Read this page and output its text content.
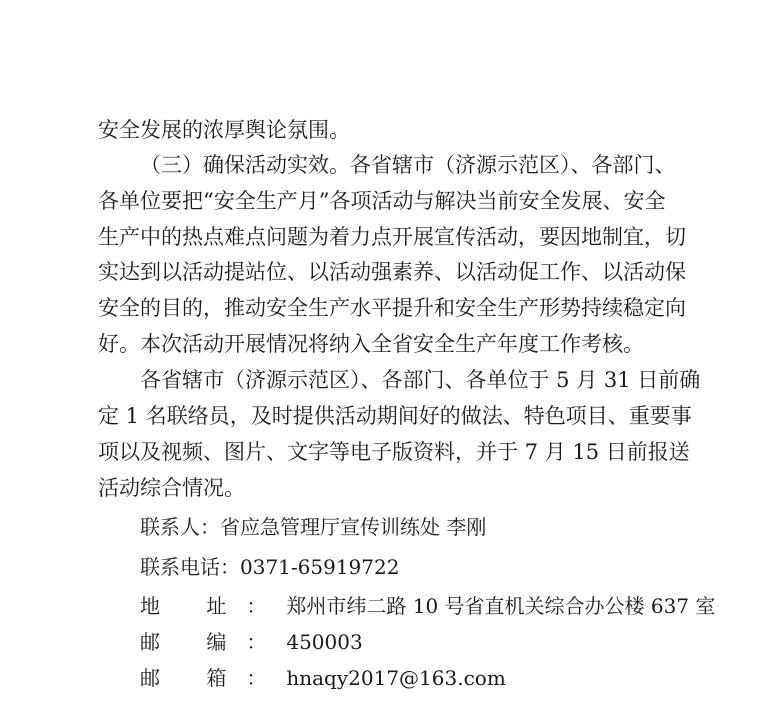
安全发展的浓厚舆论氛围。
（三）确保活动实效。各省辖市（济源示范区）、各部门、
各单位要把“安全生产月”各项活动与解决当前安全发展、安全
生产中的热点难点问题为着力点开展宣传活动，要因地制宜，切
实达到以活动提站位、以活动强素养、以活动促工作、以活动保
安全的目的，推动安全生产水平提升和安全生产形势持续稳定向
好。本次活动开展情况将纳入全省安全生产年度工作考核。
各省辖市（济源示范区）、各部门、各单位于 5 月 31 日前确
定 1 名联络员，及时提供活动期间好的做法、特色项目、重要事
项以及视频、图片、文字等电子版资料，并于 7 月 15 日前报送
活动综合情况。
联系人：省应急管理厅宣传训练处 李刚
联系电话：0371-65919722
地 址：郑州市纬二路 10 号省直机关综合办公楼 637 室
邮 编：450003
邮 箱：hnaqy2017@163.com
